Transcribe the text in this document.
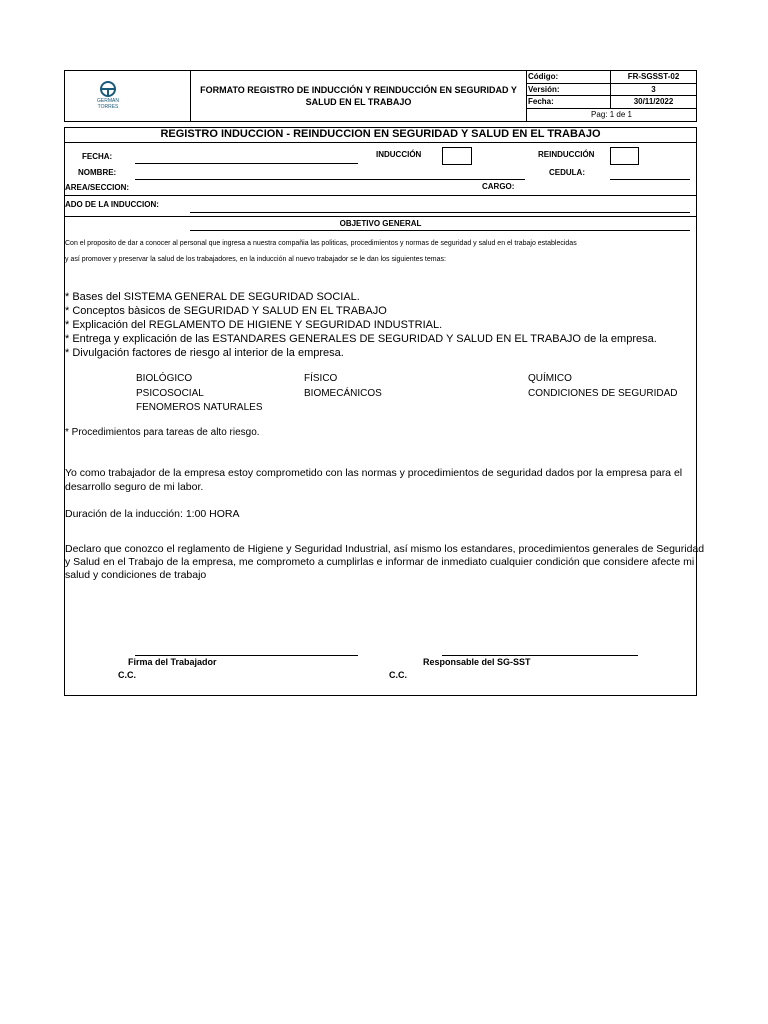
GERMAN
TORRES
FORMATO REGISTRO DE INDUCCIÓN Y REINDUCCIÓN EN SEGURIDAD Y
SALUD EN EL TRABAJO
Código:	FR-SGSST-02
Versión:	3
Fecha:	30/11/2022
Pag: 1 de 1
REGISTRO INDUCCION - REINDUCCION EN SEGURIDAD Y SALUD EN EL TRABAJO
FECHA:	INDUCCIÓN	REINDUCCIÓN
NOMBRE:	CEDULA:
AREA/SECCION:	CARGO:
ADO DE LA INDUCCION:
OBJETIVO GENERAL
Con el proposito de dar a conocer al personal que ingresa a nuestra compañia las politicas, procedimientos y normas de seguridad y salud en el trabajo establecidas
y así promover y preservar la salud de los trabajadores, en la inducción al nuevo trabajador se le dan los siguientes temas:
* Bases del SISTEMA GENERAL DE SEGURIDAD SOCIAL.
* Conceptos bàsicos de SEGURIDAD Y SALUD EN EL TRABAJO
* Explicación del REGLAMENTO DE HIGIENE Y SEGURIDAD INDUSTRIAL.
* Entrega y explicación de las ESTANDARES GENERALES DE SEGURIDAD Y SALUD EN EL TRABAJO de la empresa.
* Divulgación factores de riesgo al interior de la empresa.
BIOLÓGICO	FÍSICO	QUÍMICO
PSICOSOCIAL	BIOMECÁNICOS	CONDICIONES DE SEGURIDAD
FENOMEROS NATURALES
* Procedimientos para tareas de alto riesgo.
Yo como trabajador de la empresa estoy comprometido con las normas y procedimientos de seguridad dados por la empresa para el
desarrollo seguro de mi labor.
Duración de la inducción: 1:00 HORA
Declaro que conozco el reglamento de Higiene y Seguridad Industrial, así mismo los estandares, procedimientos generales de Seguridad
y Salud en el Trabajo de la empresa, me comprometo a cumplirlas e informar de inmediato cualquier condición que considere afecte mi
salud y condiciones de trabajo
Firma del Trabajador	Responsable del SG-SST
C.C.	C.C.
